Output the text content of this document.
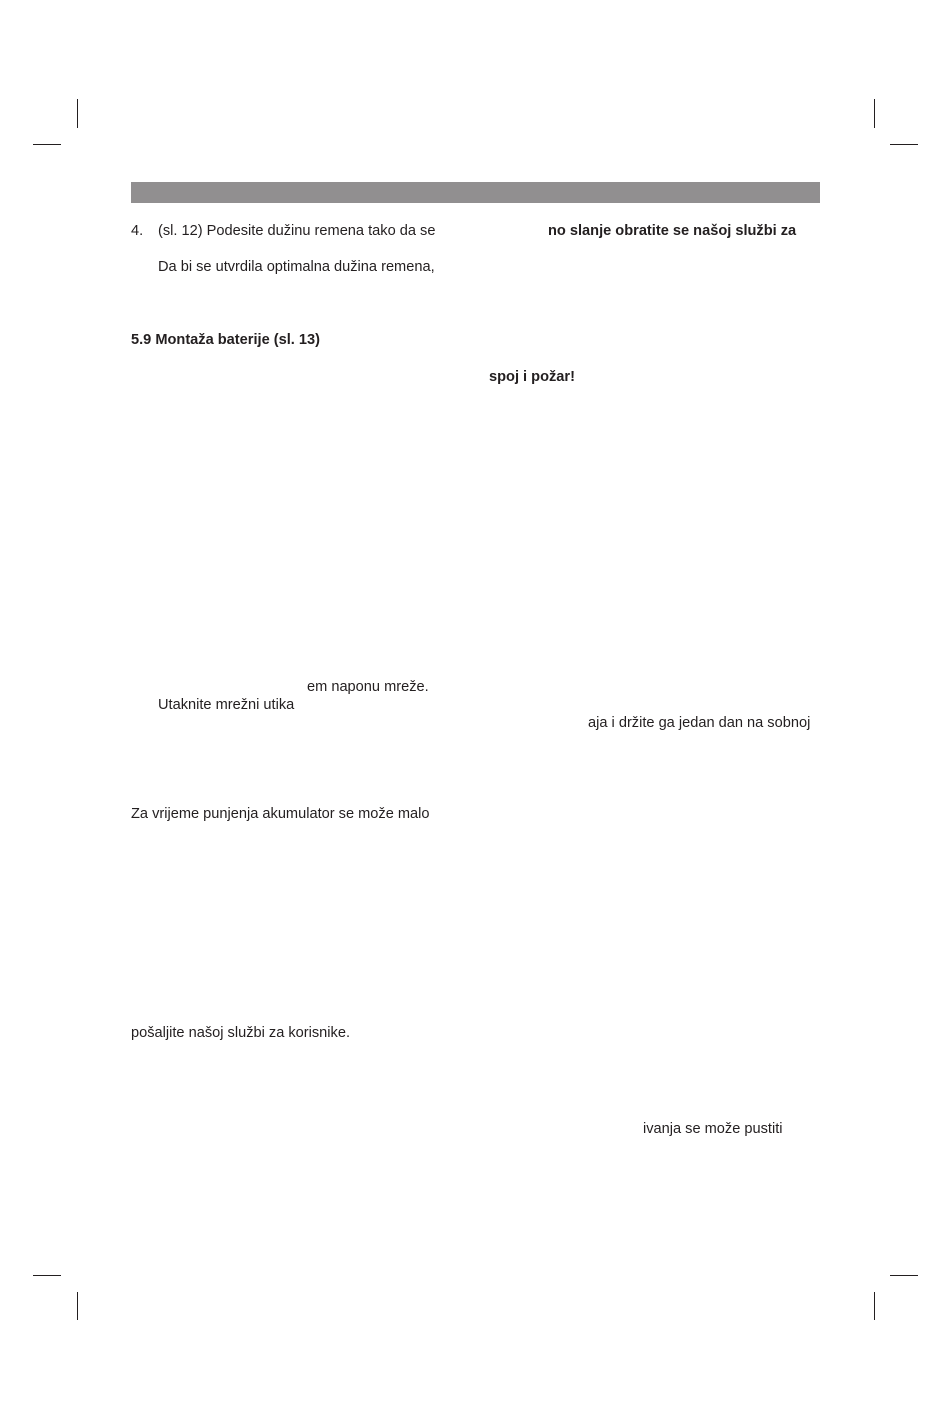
4. (sl. 12) Podesite dužinu remena tako da se	no slanje obratite se našoj službi za
Da bi se utvrdila optimalna dužina remena,
5.9 Montaža baterije (sl. 13)
spoj i požar!
em naponu mreže.
Utaknite mrežni utika
aja i držite ga jedan dan na sobnoj
Za vrijeme punjenja akumulator se može malo
pošaljite našoj službi za korisnike.
ivanja se može pustiti
